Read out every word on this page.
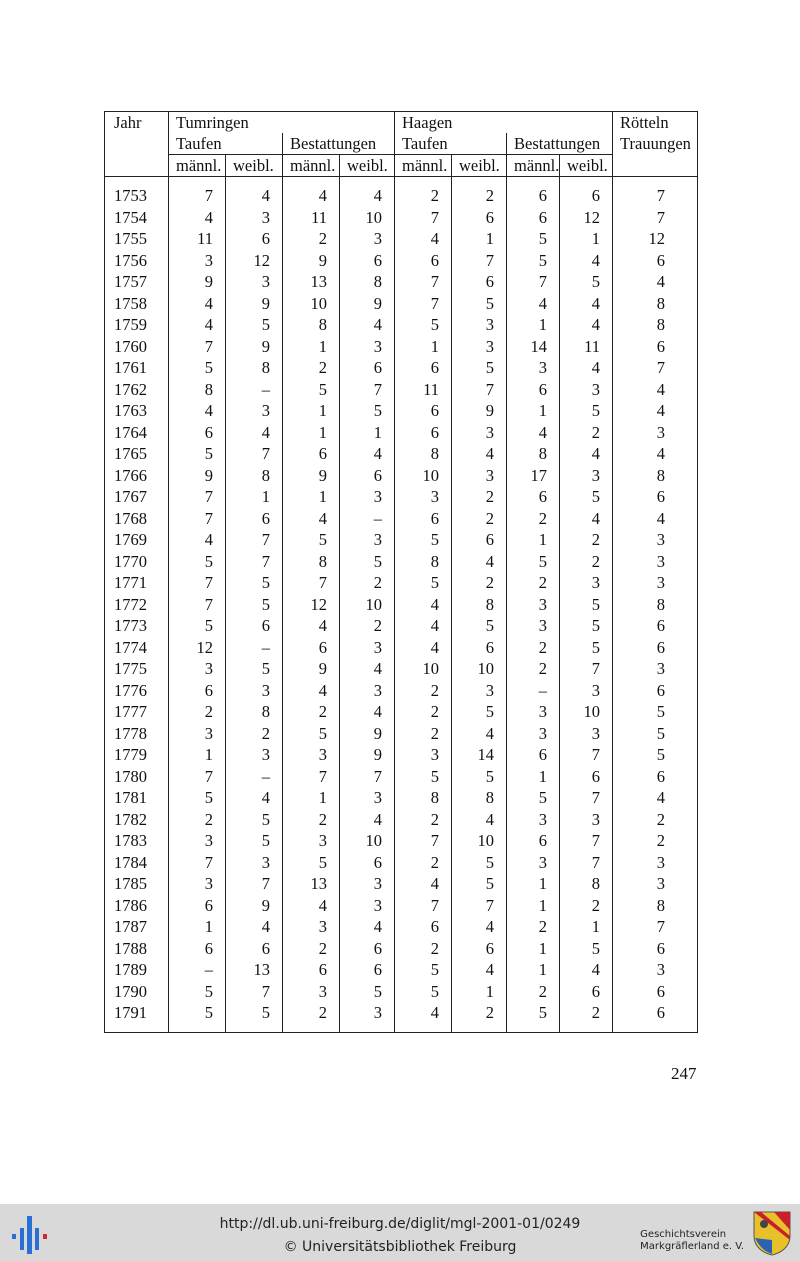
Jahr	Tumringen				Haagen				Rötteln
	Taufen		Bestattungen		Taufen		Bestattungen		Trauungen
	männl.	weibl.	männl.	weibl.	männl.	weibl.	männl.	weibl.	

1753	7	4	4	4	2	2	6	6	7
1754	4	3	11	10	7	6	6	12	7
1755	11	6	2	3	4	1	5	1	12
1756	3	12	9	6	6	7	5	4	6
1757	9	3	13	8	7	6	7	5	4
1758	4	9	10	9	7	5	4	4	8
1759	4	5	8	4	5	3	1	4	8
1760	7	9	1	3	1	3	14	11	6
1761	5	8	2	6	6	5	3	4	7
1762	8	–	5	7	11	7	6	3	4
1763	4	3	1	5	6	9	1	5	4
1764	6	4	1	1	6	3	4	2	3
1765	5	7	6	4	8	4	8	4	4
1766	9	8	9	6	10	3	17	3	8
1767	7	1	1	3	3	2	6	5	6
1768	7	6	4	–	6	2	2	4	4
1769	4	7	5	3	5	6	1	2	3
1770	5	7	8	5	8	4	5	2	3
1771	7	5	7	2	5	2	2	3	3
1772	7	5	12	10	4	8	3	5	8
1773	5	6	4	2	4	5	3	5	6
1774	12	–	6	3	4	6	2	5	6
1775	3	5	9	4	10	10	2	7	3
1776	6	3	4	3	2	3	–	3	6
1777	2	8	2	4	2	5	3	10	5
1778	3	2	5	9	2	4	3	3	5
1779	1	3	3	9	3	14	6	7	5
1780	7	–	7	7	5	5	1	6	6
1781	5	4	1	3	8	8	5	7	4
1782	2	5	2	4	2	4	3	3	2
1783	3	5	3	10	7	10	6	7	2
1784	7	3	5	6	2	5	3	7	3
1785	3	7	13	3	4	5	1	8	3
1786	6	9	4	3	7	7	1	2	8
1787	1	4	3	4	6	4	2	1	7
1788	6	6	2	6	2	6	1	5	6
1789	–	13	6	6	5	4	1	4	3
1790	5	7	3	5	5	1	2	6	6
1791	5	5	2	3	4	2	5	2	6

247
http://dl.ub.uni-freiburg.de/diglit/mgl-2001-01/0249
© Universitätsbibliothek Freiburg
Geschichtsverein
Markgräflerland e. V.
